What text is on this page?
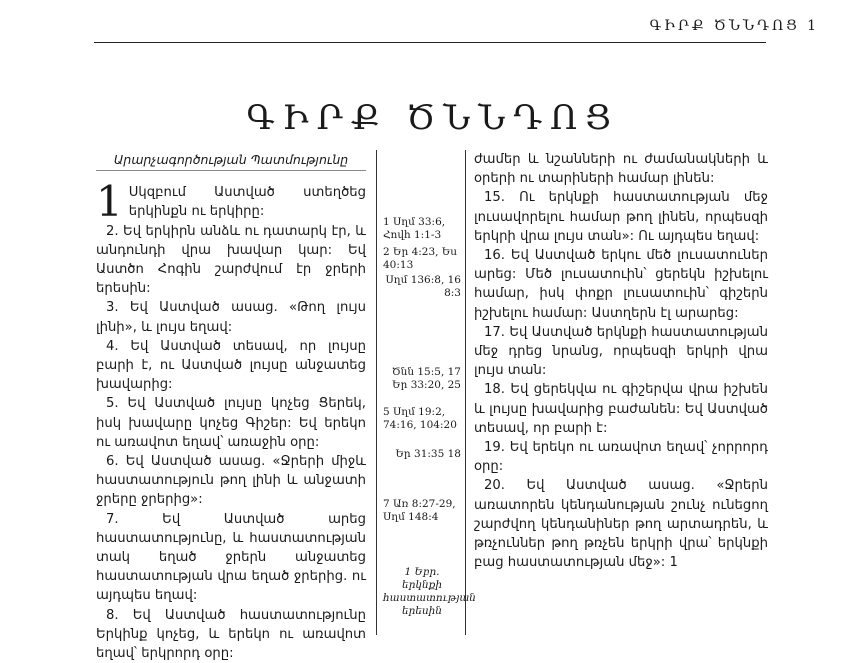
ԳԻՐՔ ԾՆՆԴՈՑ 1
ԳԻՐՔ ԾՆՆԴՈՑ

Արարչագործության Պատմությունը

1 Սկզբում Աստված ստեղծեց երկինքն ու երկիրը:

2. Եվ երկիրն անձև ու դատարկ էր, և անդունդի վրա խավար կար: Եվ Աստծո Հոգին շարժվում էր ջրերի երեսին:

3. Եվ Աստված ասաց. «Թող լույս լինի», և լույս եղավ:

4. Եվ Աստված տեսավ, որ լույսը բարի է, ու Աստված լույսը անջատեց խավարից:

5. Եվ Աստված լույսը կոչեց Ցերեկ, իսկ խավարը կոչեց Գիշեր: Եվ երեկո ու առավոտ եղավ՝ առաջին օրը:

6. Եվ Աստված ասաց. «Ջրերի միջև հաստատություն թող լինի և անջատի ջրերը ջրերից»:

7. Եվ Աստված արեց հաստատությունը, և հաստատության տակ եղած ջրերն անջատեց հաստատության վրա եղած ջրերից. ու այդպես եղավ:

8. Եվ Աստված հաստատությունը Երկինք կոչեց, և երեկո ու առավոտ եղավ՝ երկրորդ օրը:

1 Սղմ 33:6, Հովհ 1:1-3
2 Եր 4:23, Ես 40:13
Սղմ 136:8, 16 8:3
Ծնն 15:5, 17 Եր 33:20, 25
5 Սղմ 19:2, 74:16, 104:20
Եր 31:35 18
7 Առ 8:27-29, Սղմ 148:4
1 Եբր. երկնքի հաստատության երեսին

ժամեր և նշանների ու ժամանակների և օրերի ու տարիների համար լինեն:

15. Ու երկնքի հաստատության մեջ լուսավորելու համար թող լինեն, որպեսզի երկրի վրա լույս տան»: Ու այդպես եղավ:

16. Եվ Աստված երկու մեծ լուսատուներ արեց: Մեծ լուսատուին՝ ցերեկն իշխելու համար, իսկ փոքր լուսատուին՝ գիշերն իշխելու համար: Աստղերն էլ արարեց:

17. Եվ Աստված երկնքի հաստատության մեջ դրեց նրանց, որպեսզի երկրի վրա լույս տան:

18. Եվ ցերեկվա ու գիշերվա վրա իշխեն և լույսը խավարից բաժանեն: Եվ Աստված տեսավ, որ բարի է:

19. Եվ երեկո ու առավոտ եղավ՝ չորրորդ օրը:

20. Եվ Աստված ասաց. «Ջրերն առատորեն կենդանության շունչ ունեցող շարժվող կենդանիներ թող արտադրեն, և թռչուններ թող թռչեն երկրի վրա՝ երկնքի բաց հաստատության մեջ»: 1
